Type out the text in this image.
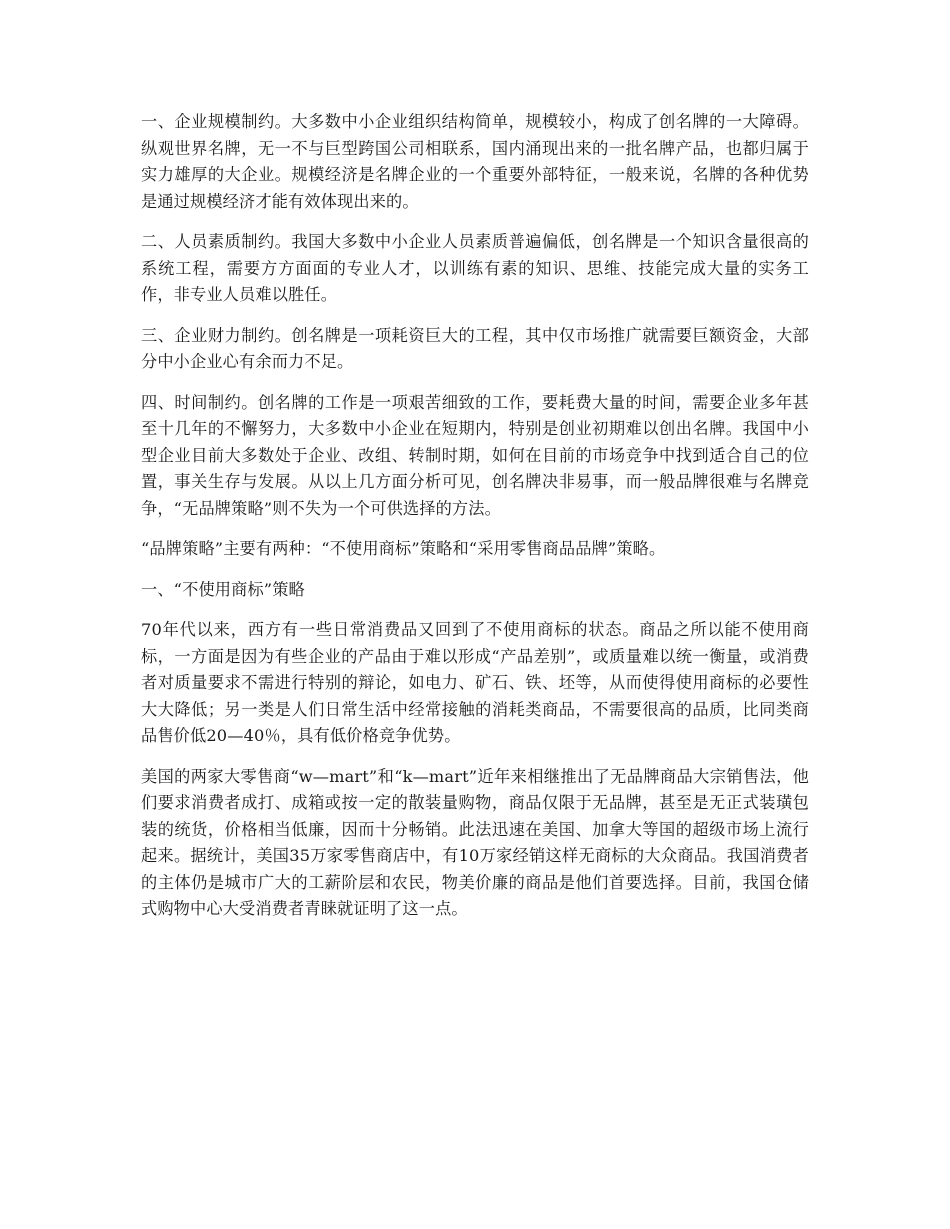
一、企业规模制约。大多数中小企业组织结构简单，规模较小，构成了创名牌的一大障碍。纵观世界名牌，无一不与巨型跨国公司相联系，国内涌现出来的一批名牌产品，也都归属于实力雄厚的大企业。规模经济是名牌企业的一个重要外部特征，一般来说，名牌的各种优势是通过规模经济才能有效体现出来的。

二、人员素质制约。我国大多数中小企业人员素质普遍偏低，创名牌是一个知识含量很高的系统工程，需要方方面面的专业人才，以训练有素的知识、思维、技能完成大量的实务工作，非专业人员难以胜任。

三、企业财力制约。创名牌是一项耗资巨大的工程，其中仅市场推广就需要巨额资金，大部分中小企业心有余而力不足。

四、时间制约。创名牌的工作是一项艰苦细致的工作，要耗费大量的时间，需要企业多年甚至十几年的不懈努力，大多数中小企业在短期内，特别是创业初期难以创出名牌。我国中小型企业目前大多数处于企业、改组、转制时期，如何在目前的市场竞争中找到适合自己的位置，事关生存与发展。从以上几方面分析可见，创名牌决非易事，而一般品牌很难与名牌竞争，“无品牌策略”则不失为一个可供选择的方法。

“品牌策略”主要有两种：“不使用商标”策略和“采用零售商品品牌”策略。

一、“不使用商标”策略

70年代以来，西方有一些日常消费品又回到了不使用商标的状态。商品之所以能不使用商标，一方面是因为有些企业的产品由于难以形成“产品差别”，或质量难以统一衡量，或消费者对质量要求不需进行特别的辩论，如电力、矿石、铁、坯等，从而使得使用商标的必要性大大降低；另一类是人们日常生活中经常接触的消耗类商品，不需要很高的品质，比同类商品售价低20—40％，具有低价格竞争优势。

美国的两家大零售商“w—mart”和“k—mart”近年来相继推出了无品牌商品大宗销售法，他们要求消费者成打、成箱或按一定的散装量购物，商品仅限于无品牌，甚至是无正式装璜包装的统货，价格相当低廉，因而十分畅销。此法迅速在美国、加拿大等国的超级市场上流行起来。据统计，美国35万家零售商店中，有10万家经销这样无商标的大众商品。我国消费者的主体仍是城市广大的工薪阶层和农民，物美价廉的商品是他们首要选择。目前，我国仓储式购物中心大受消费者青睐就证明了这一点。
